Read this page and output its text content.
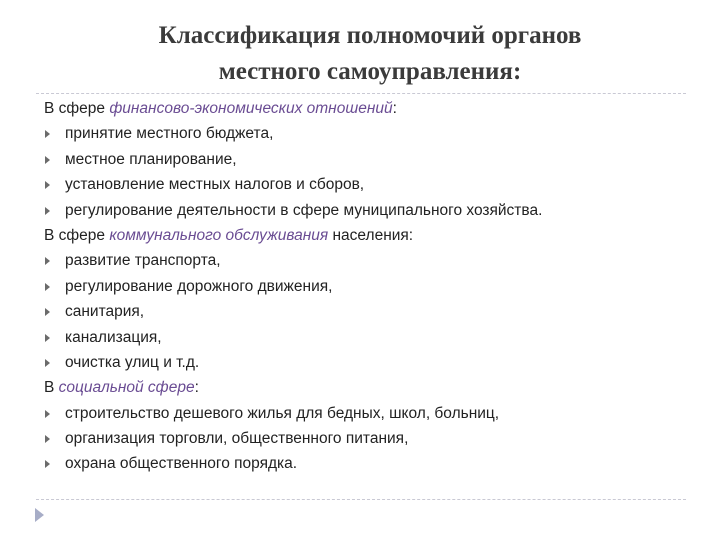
Классификация полномочий органов
местного самоуправления:
В сфере финансово-экономических отношений:
принятие местного бюджета,
местное планирование,
установление местных налогов и сборов,
регулирование деятельности в сфере муниципального хозяйства.
В сфере коммунального обслуживания населения:
развитие транспорта,
регулирование дорожного движения,
санитария,
канализация,
очистка улиц и т.д.
В социальной сфере:
строительство дешевого жилья для бедных, школ, больниц,
организация торговли, общественного питания,
охрана общественного порядка.
